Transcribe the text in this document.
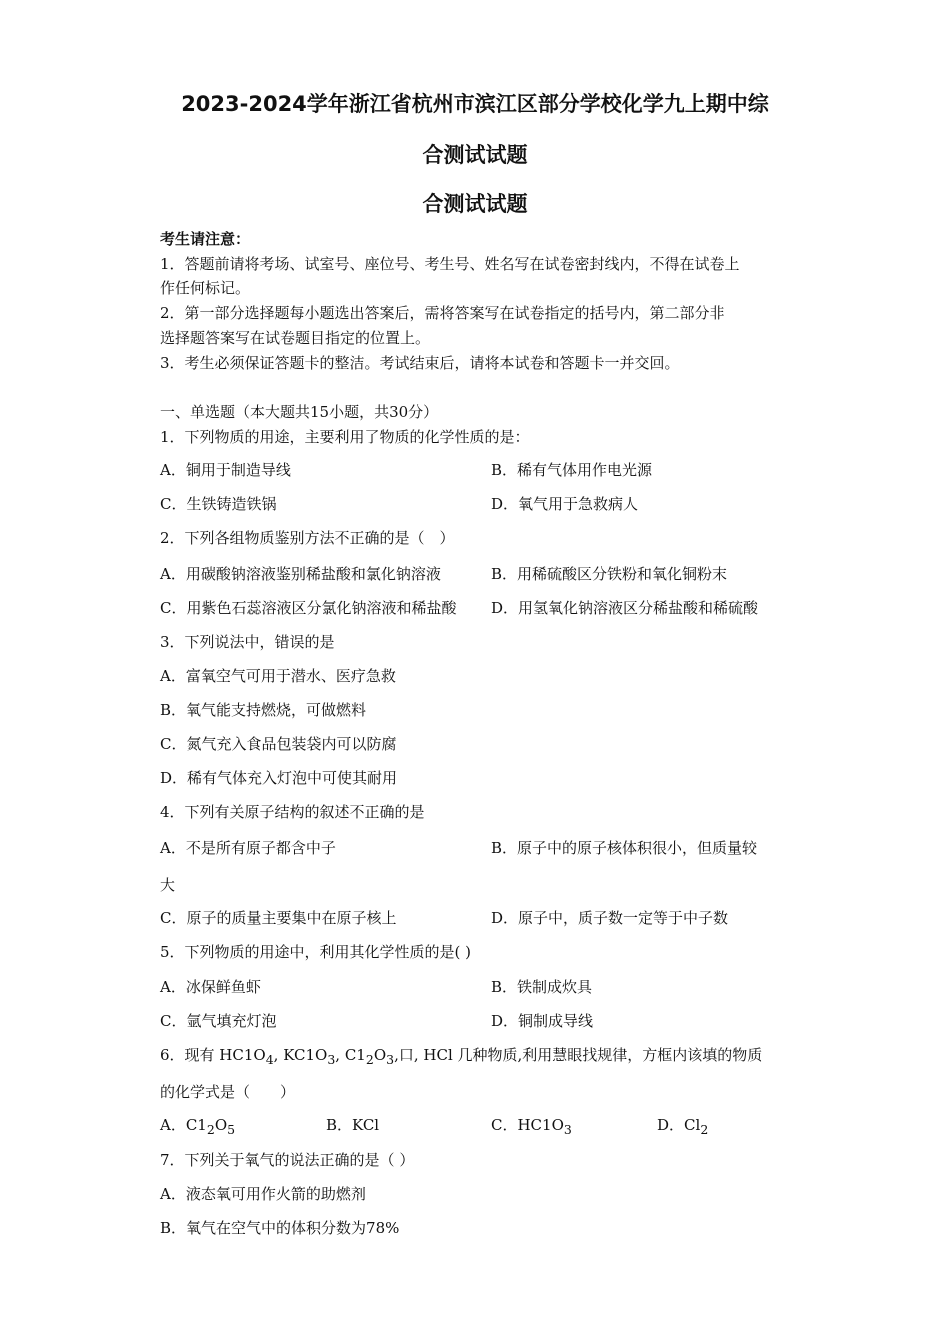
2023-2024学年浙江省杭州市滨江区部分学校化学九上期中综
合测试试题
合测试试题
考生请注意：
1．答题前请将考场、试室号、座位号、考生号、姓名写在试卷密封线内，不得在试卷上
作任何标记。
2．第一部分选择题每小题选出答案后，需将答案写在试卷指定的括号内，第二部分非
选择题答案写在试卷题目指定的位置上。
3．考生必须保证答题卡的整洁。考试结束后，请将本试卷和答题卡一并交回。
一、单选题（本大题共15小题，共30分）
1．下列物质的用途，主要利用了物质的化学性质的是：
A．铜用于制造导线	B．稀有气体用作电光源
C．生铁铸造铁锅	D．氧气用于急救病人
2．下列各组物质鉴别方法不正确的是（　）
A．用碳酸钠溶液鉴别稀盐酸和氯化钠溶液	B．用稀硫酸区分铁粉和氧化铜粉末
C．用紫色石蕊溶液区分氯化钠溶液和稀盐酸 D．用氢氧化钠溶液区分稀盐酸和稀硫酸
3．下列说法中，错误的是
A．富氧空气可用于潜水、医疗急救
B．氧气能支持燃烧，可做燃料
C．氮气充入食品包装袋内可以防腐
D．稀有气体充入灯泡中可使其耐用
4．下列有关原子结构的叙述不正确的是
A．不是所有原子都含中子	B．原子中的原子核体积很小，但质量较
大
C．原子的质量主要集中在原子核上	D．原子中，质子数一定等于中子数
5．下列物质的用途中，利用其化学性质的是( )
A．冰保鲜鱼虾	B．铁制成炊具
C．氩气填充灯泡	D．铜制成导线
6．现有 $HC1O_4$, $KC1O_3$, $C1_2O_3$,口, HCl 几种物质,利用慧眼找规律，方框内该填的物质
的化学式是（　　）
A．$C1_2O_5$	B．KCl	C．$HC1O_3$	D．$Cl_2$
7．下列关于氧气的说法正确的是（ ）
A．液态氧可用作火箭的助燃剂
B．氧气在空气中的体积分数为78%
